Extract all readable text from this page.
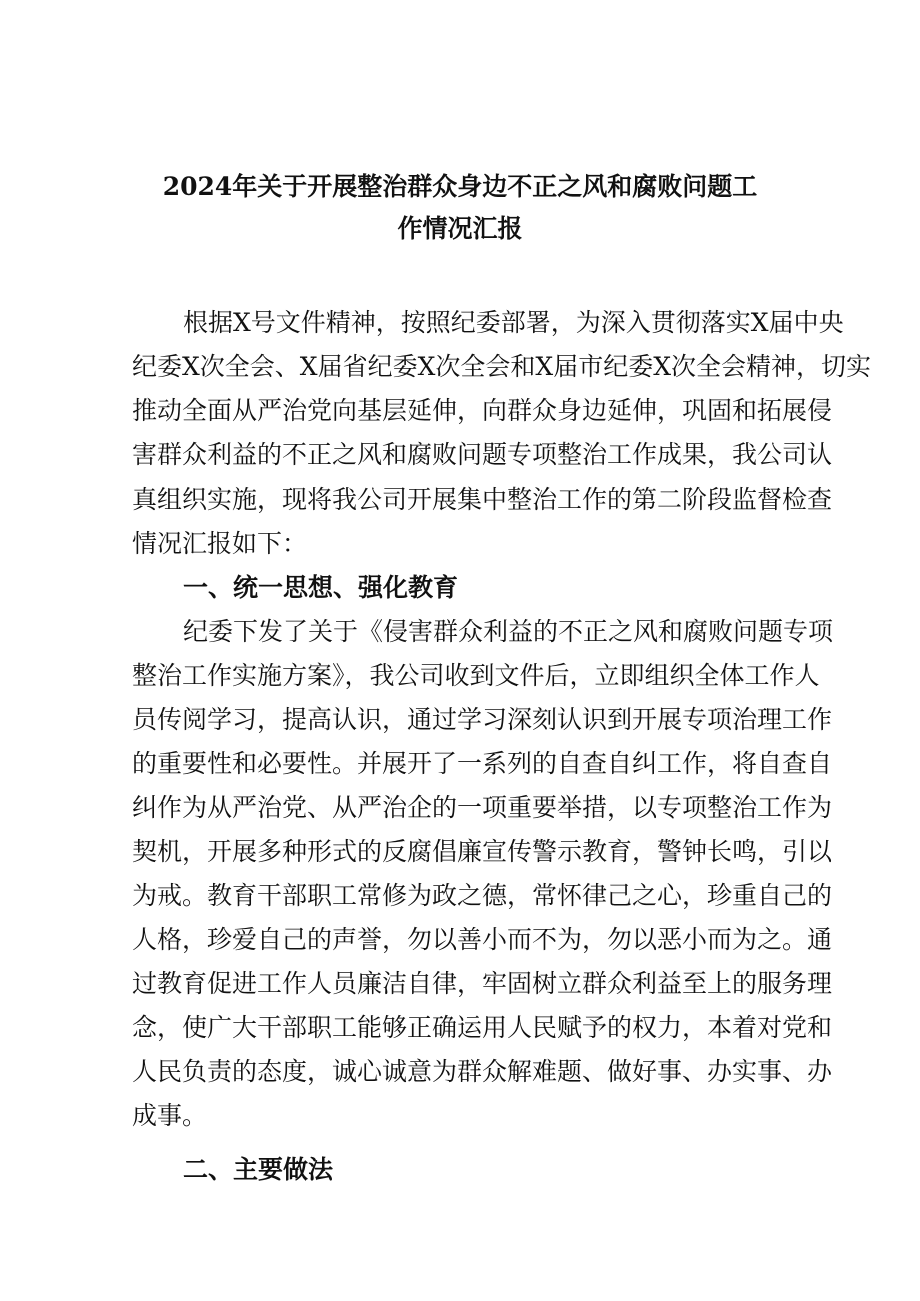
2024年关于开展整治群众身边不正之风和腐败问题工
作情况汇报
根据X号文件精神，按照纪委部署，为深入贯彻落实X届中央
纪委X次全会、X届省纪委X次全会和X届市纪委X次全会精神，切实
推动全面从严治党向基层延伸，向群众身边延伸，巩固和拓展侵
害群众利益的不正之风和腐败问题专项整治工作成果，我公司认
真组织实施，现将我公司开展集中整治工作的第二阶段监督检查
情况汇报如下：
一、统一思想、强化教育
纪委下发了关于《侵害群众利益的不正之风和腐败问题专项
整治工作实施方案》，我公司收到文件后，立即组织全体工作人
员传阅学习，提高认识，通过学习深刻认识到开展专项治理工作
的重要性和必要性。并展开了一系列的自查自纠工作，将自查自
纠作为从严治党、从严治企的一项重要举措，以专项整治工作为
契机，开展多种形式的反腐倡廉宣传警示教育，警钟长鸣，引以
为戒。教育干部职工常修为政之德，常怀律己之心，珍重自己的
人格，珍爱自己的声誉，勿以善小而不为，勿以恶小而为之。通
过教育促进工作人员廉洁自律，牢固树立群众利益至上的服务理
念，使广大干部职工能够正确运用人民赋予的权力，本着对党和
人民负责的态度，诚心诚意为群众解难题、做好事、办实事、办
成事。
二、主要做法
